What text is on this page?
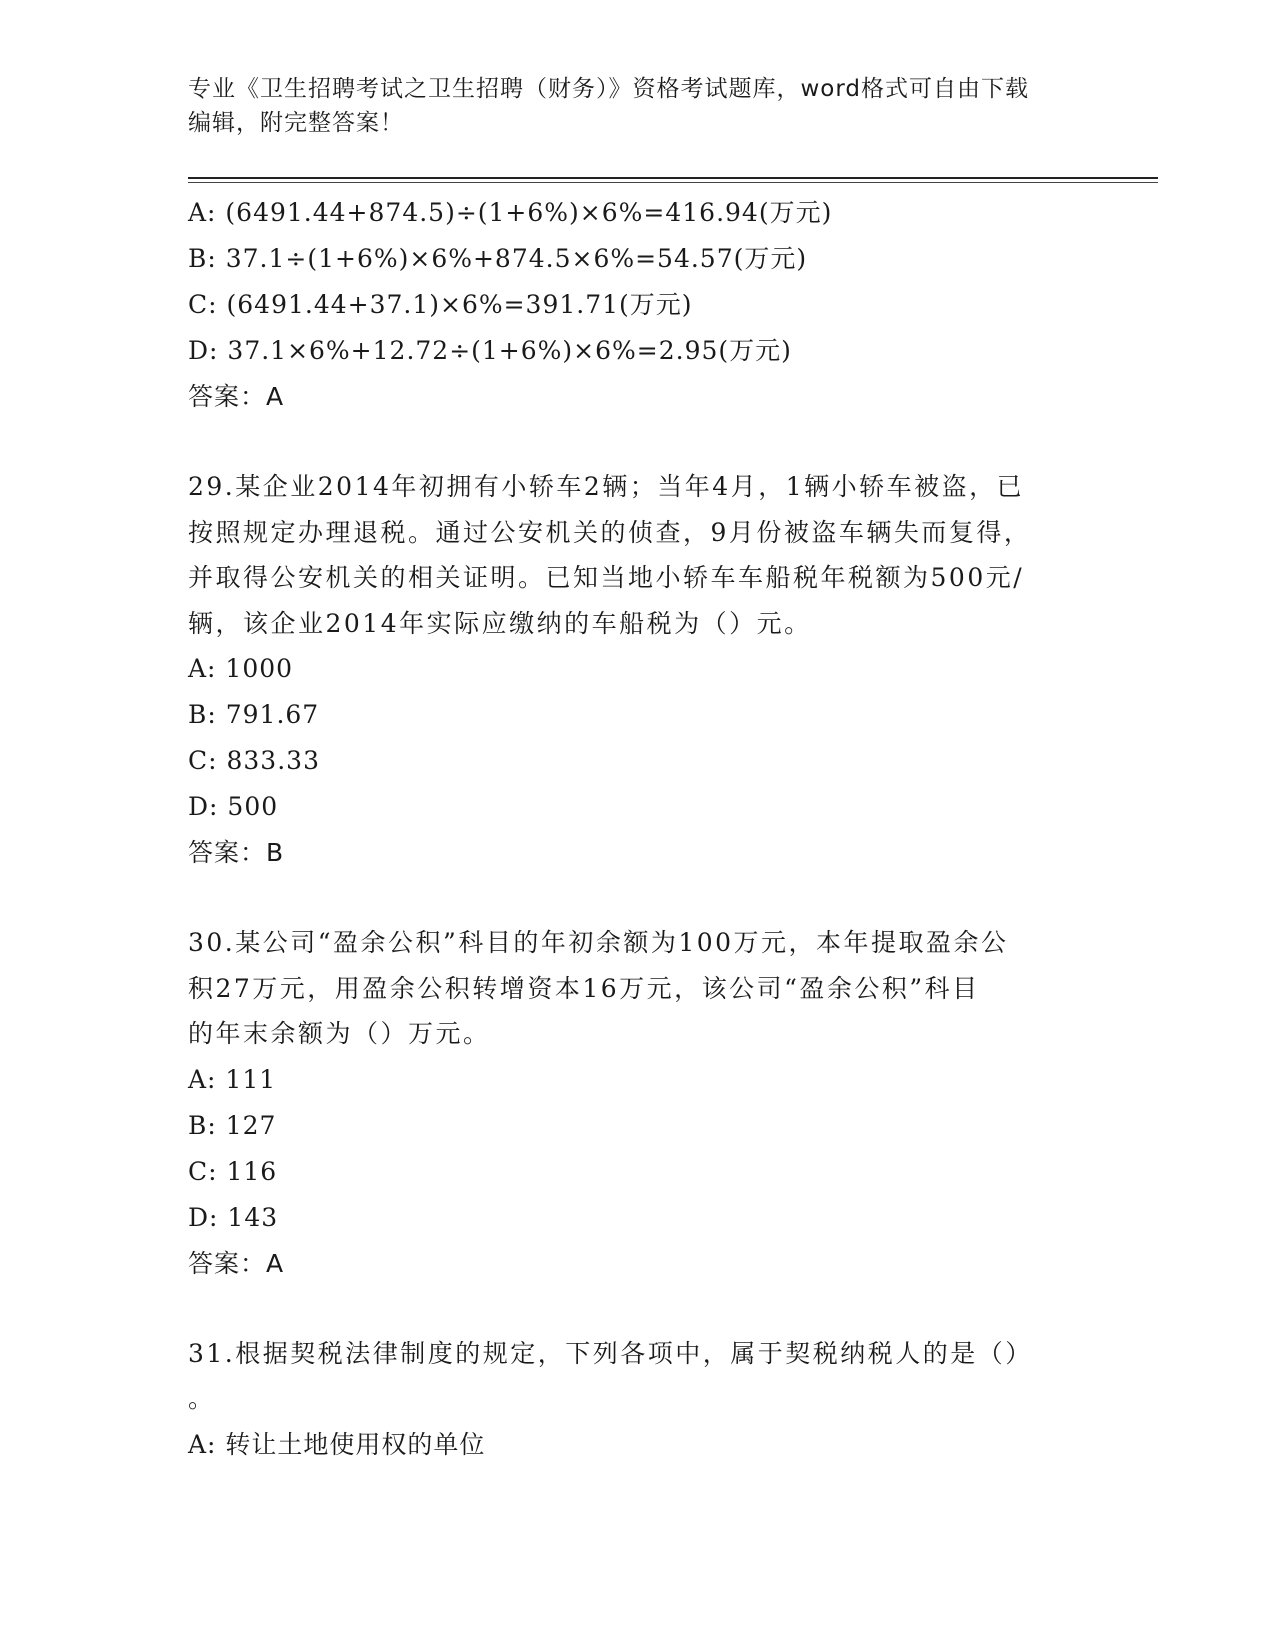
专业《卫生招聘考试之卫生招聘（财务）》资格考试题库，word格式可自由下载
编辑，附完整答案！
A: (6491.44+874.5)÷(1+6%)×6%=416.94(万元)
B: 37.1÷(1+6%)×6%+874.5×6%=54.57(万元)
C: (6491.44+37.1)×6%=391.71(万元)
D: 37.1×6%+12.72÷(1+6%)×6%=2.95(万元)
答案：A
29.某企业2014年初拥有小轿车2辆；当年4月，1辆小轿车被盗，已
按照规定办理退税。通过公安机关的侦查，9月份被盗车辆失而复得，
并取得公安机关的相关证明。已知当地小轿车车船税年税额为500元/
辆，该企业2014年实际应缴纳的车船税为（）元。
A: 1000
B: 791.67
C: 833.33
D: 500
答案：B
30.某公司“盈余公积”科目的年初余额为100万元，本年提取盈余公
积27万元，用盈余公积转增资本16万元，该公司“盈余公积”科目
的年末余额为（）万元。
A: 111
B: 127
C: 116
D: 143
答案：A
31.根据契税法律制度的规定，下列各项中，属于契税纳税人的是（）
。
A: 转让土地使用权的单位
